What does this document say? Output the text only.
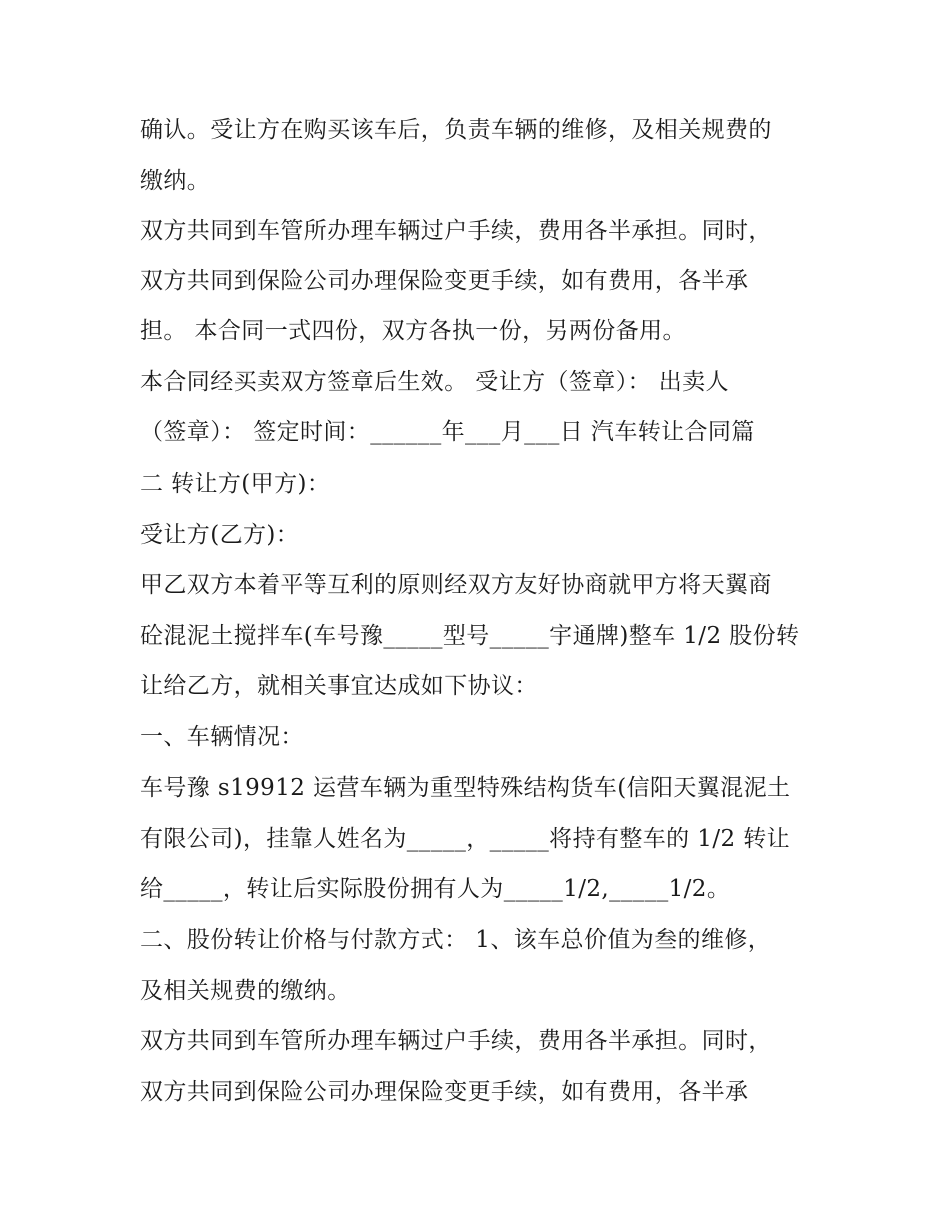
确认。受让方在购买该车后，负责车辆的维修，及相关规费的
缴纳。
双方共同到车管所办理车辆过户手续，费用各半承担。同时，
双方共同到保险公司办理保险变更手续，如有费用，各半承
担。 本合同一式四份，双方各执一份，另两份备用。
本合同经买卖双方签章后生效。 受让方（签章）： 出卖人
（签章）： 签定时间：______年___月___日 汽车转让合同篇
二 转让方(甲方)：
受让方(乙方)：
甲乙双方本着平等互利的原则经双方友好协商就甲方将天翼商
砼混泥土搅拌车(车号豫_____型号_____宇通牌)整车 1/2 股份转
让给乙方，就相关事宜达成如下协议：
一、车辆情况：
车号豫 s19912 运营车辆为重型特殊结构货车(信阳天翼混泥土
有限公司)，挂靠人姓名为_____，_____将持有整车的 1/2 转让
给_____，转让后实际股份拥有人为_____1/2,_____1/2。
二、股份转让价格与付款方式： 1、该车总价值为叁的维修，
及相关规费的缴纳。
双方共同到车管所办理车辆过户手续，费用各半承担。同时，
双方共同到保险公司办理保险变更手续，如有费用，各半承
